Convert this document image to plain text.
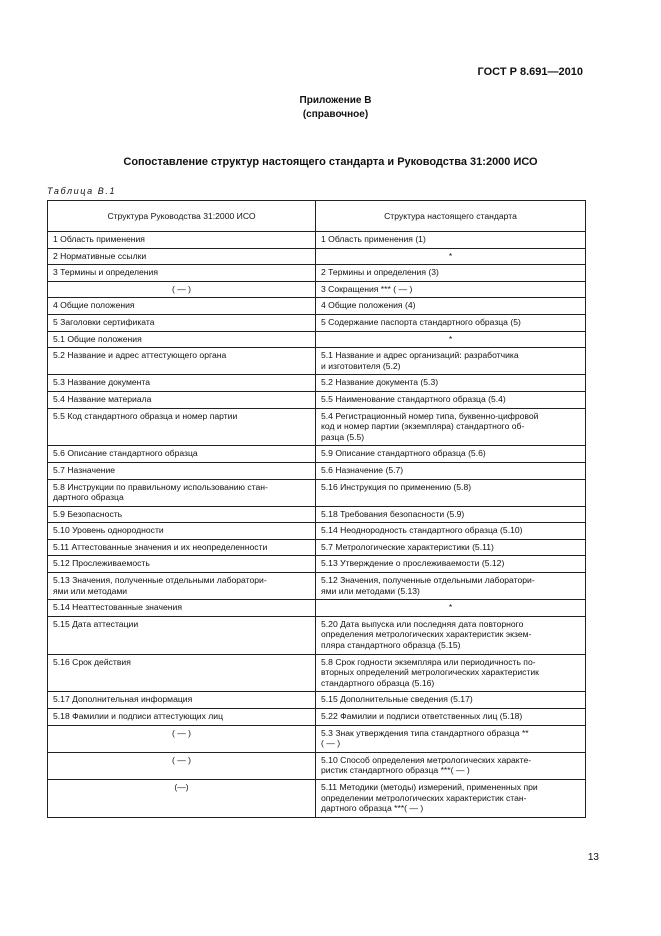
ГОСТ Р 8.691—2010
Приложение В
(справочное)
Сопоставление структур настоящего стандарта и Руководства 31:2000 ИСО
Таблица В.1
Структура Руководства 31:2000 ИСО	Структура настоящего стандарта
1 Область применения	1 Область применения (1)
2 Нормативные ссылки	*
3 Термины и определения	2 Термины и определения (3)
( — )	3 Сокращения *** ( — )
4 Общие положения	4 Общие положения (4)
5 Заголовки сертификата	5 Содержание паспорта стандартного образца (5)
5.1 Общие положения	*
5.2 Название и адрес аттестующего органа	5.1 Название и адрес организаций: разработчика
и изготовителя (5.2)
5.3 Название документа	5.2 Название документа (5.3)
5.4 Название материала	5.5 Наименование стандартного образца (5.4)
5.5 Код стандартного образца и номер партии	5.4 Регистрационный номер типа, буквенно-цифровой
код и номер партии (экземпляра) стандартного об-
разца (5.5)
5.6 Описание стандартного образца	5.9 Описание стандартного образца (5.6)
5.7 Назначение	5.6 Назначение (5.7)
5.8 Инструкции по правильному использованию стан-
дартного образца	5.16 Инструкция по применению (5.8)
5.9 Безопасность	5.18 Требования безопасности (5.9)
5.10 Уровень однородности	5.14 Неоднородность стандартного образца (5.10)
5.11 Аттестованные значения и их неопределенности	5.7 Метрологические характеристики (5.11)
5.12 Прослеживаемость	5.13 Утверждение о прослеживаемости (5.12)
5.13 Значения, полученные отдельными лаборатори-
ями или методами	5.12 Значения, полученные отдельными лаборатори-
ями или методами (5.13)
5.14 Неаттестованные значения	*
5.15 Дата аттестации	5.20 Дата выпуска или последняя дата повторного
определения метрологических характеристик экзем-
пляра стандартного образца (5.15)
5.16 Срок действия	5.8 Срок годности экземпляра или периодичность по-
вторных определений метрологических характеристик
стандартного образца (5.16)
5.17 Дополнительная информация	5.15 Дополнительные сведения (5.17)
5.18 Фамилии и подписи аттестующих лиц	5.22 Фамилии и подписи ответственных лиц (5.18)
( — )	5.3 Знак утверждения типа стандартного образца **
( — )
( — )	5.10 Способ определения метрологических характе-
ристик стандартного образца ***( — )
(—)	5.11 Методики (методы) измерений, примененных при
определении метрологических характеристик стан-
дартного образца ***( — )
13
